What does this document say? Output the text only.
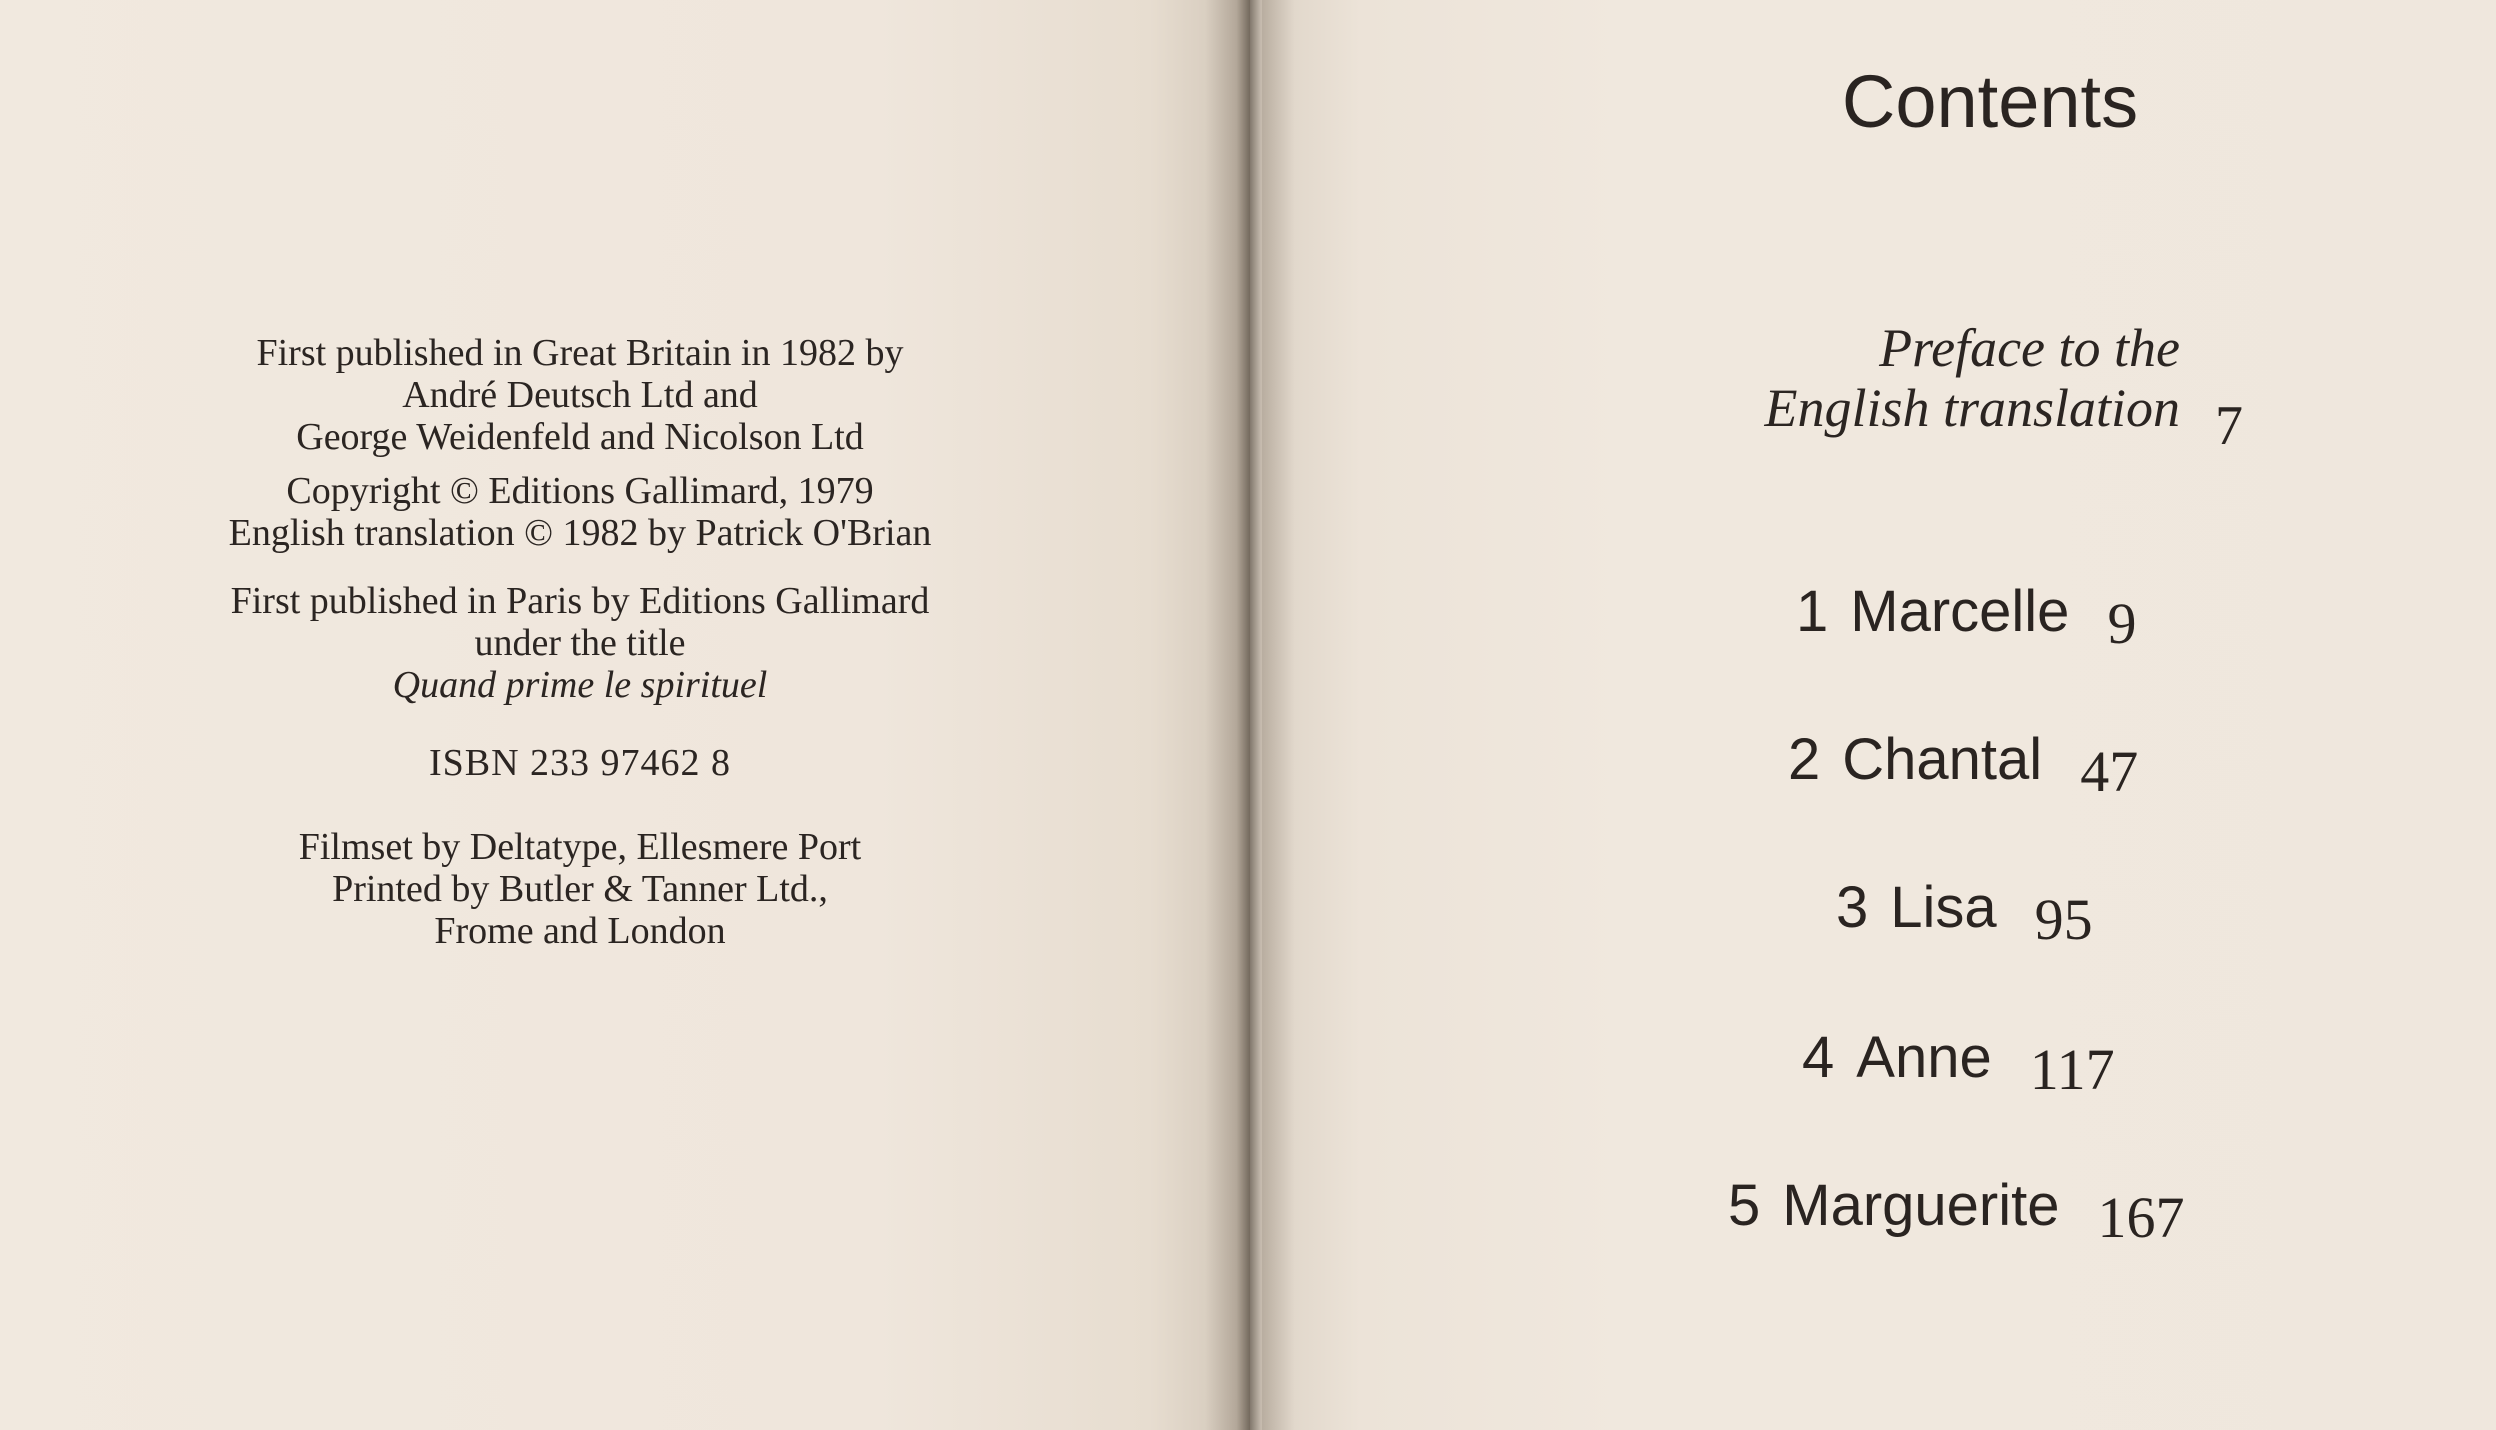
First published in Great Britain in 1982 by

André Deutsch Ltd and

George Weidenfeld and Nicolson Ltd

Copyright © Editions Gallimard, 1979

English translation © 1982 by Patrick O'Brian

First published in Paris by Editions Gallimard

under the title

Quand prime le spirituel

ISBN 233 97462 8

Filmset by Deltatype, Ellesmere Port

Printed by Butler & Tanner Ltd.,

Frome and London

Contents
Preface to the
English translation 7
1 Marcelle 9
2 Chantal 47
3 Lisa 95
4 Anne 117
5 Marguerite 167
